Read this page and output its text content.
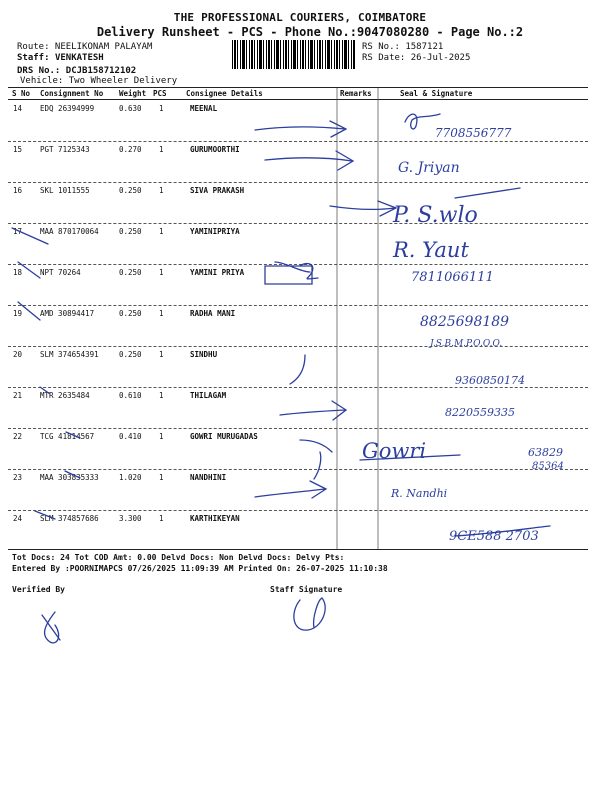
THE PROFESSIONAL COURIERS, COIMBATORE
Delivery Runsheet - PCS - Phone No.:9047080280 - Page No.:2
Route: NEELIKONAM PALAYAM
Staff: VENKATESH
DRS No.: DCJB158712102
Vehicle: Two Wheeler Delivery
RS No.: 1587121
RS Date: 26-Jul-2025
S No Consignment No Weight PCS	Consignee Details	Remarks	Seal & Signature
14 EDQ 26394999	0.630 1	MEENAL
15 PGT 7125343	0.270 1	GURUMOORTHI
16 SKL 1011555	0.250 1	SIVA PRAKASH
17 MAA 870170064	0.250 1	YAMINIPRIYA
18 NPT 70264	0.250 1	YAMINI PRIYA
19 AMD 30894417	0.250 1	RADHA MANI
20 SLM 374654391	0.250 1	SINDHU
21 MTR 2635484	0.610 1	THILAGAM
22 TCG 41814567	0.410 1	GOWRI MURUGADAS
23 MAA 303835333	1.020 1	NANDHINI
24 SLM 374857686	3.300 1	KARTHIKEYAN
Tot Docs: 24 Tot COD Amt: 0.00 Delvd Docs: Non Delvd Docs: Delvy Pts:
Entered By :POORNIMAPCS 07/26/2025 11:09:39 AM Printed On: 26-07-2025 11:10:38
Verified By	Staff Signature
7708556777
G. Jriyan
P. S.wlo
R. Yaut
7811066111
8825698189
J.S.B.M.P.O.O.O.
9360850174
8220559335
Gowri	63829
85364
R. Nandhi
9CE588 2703
